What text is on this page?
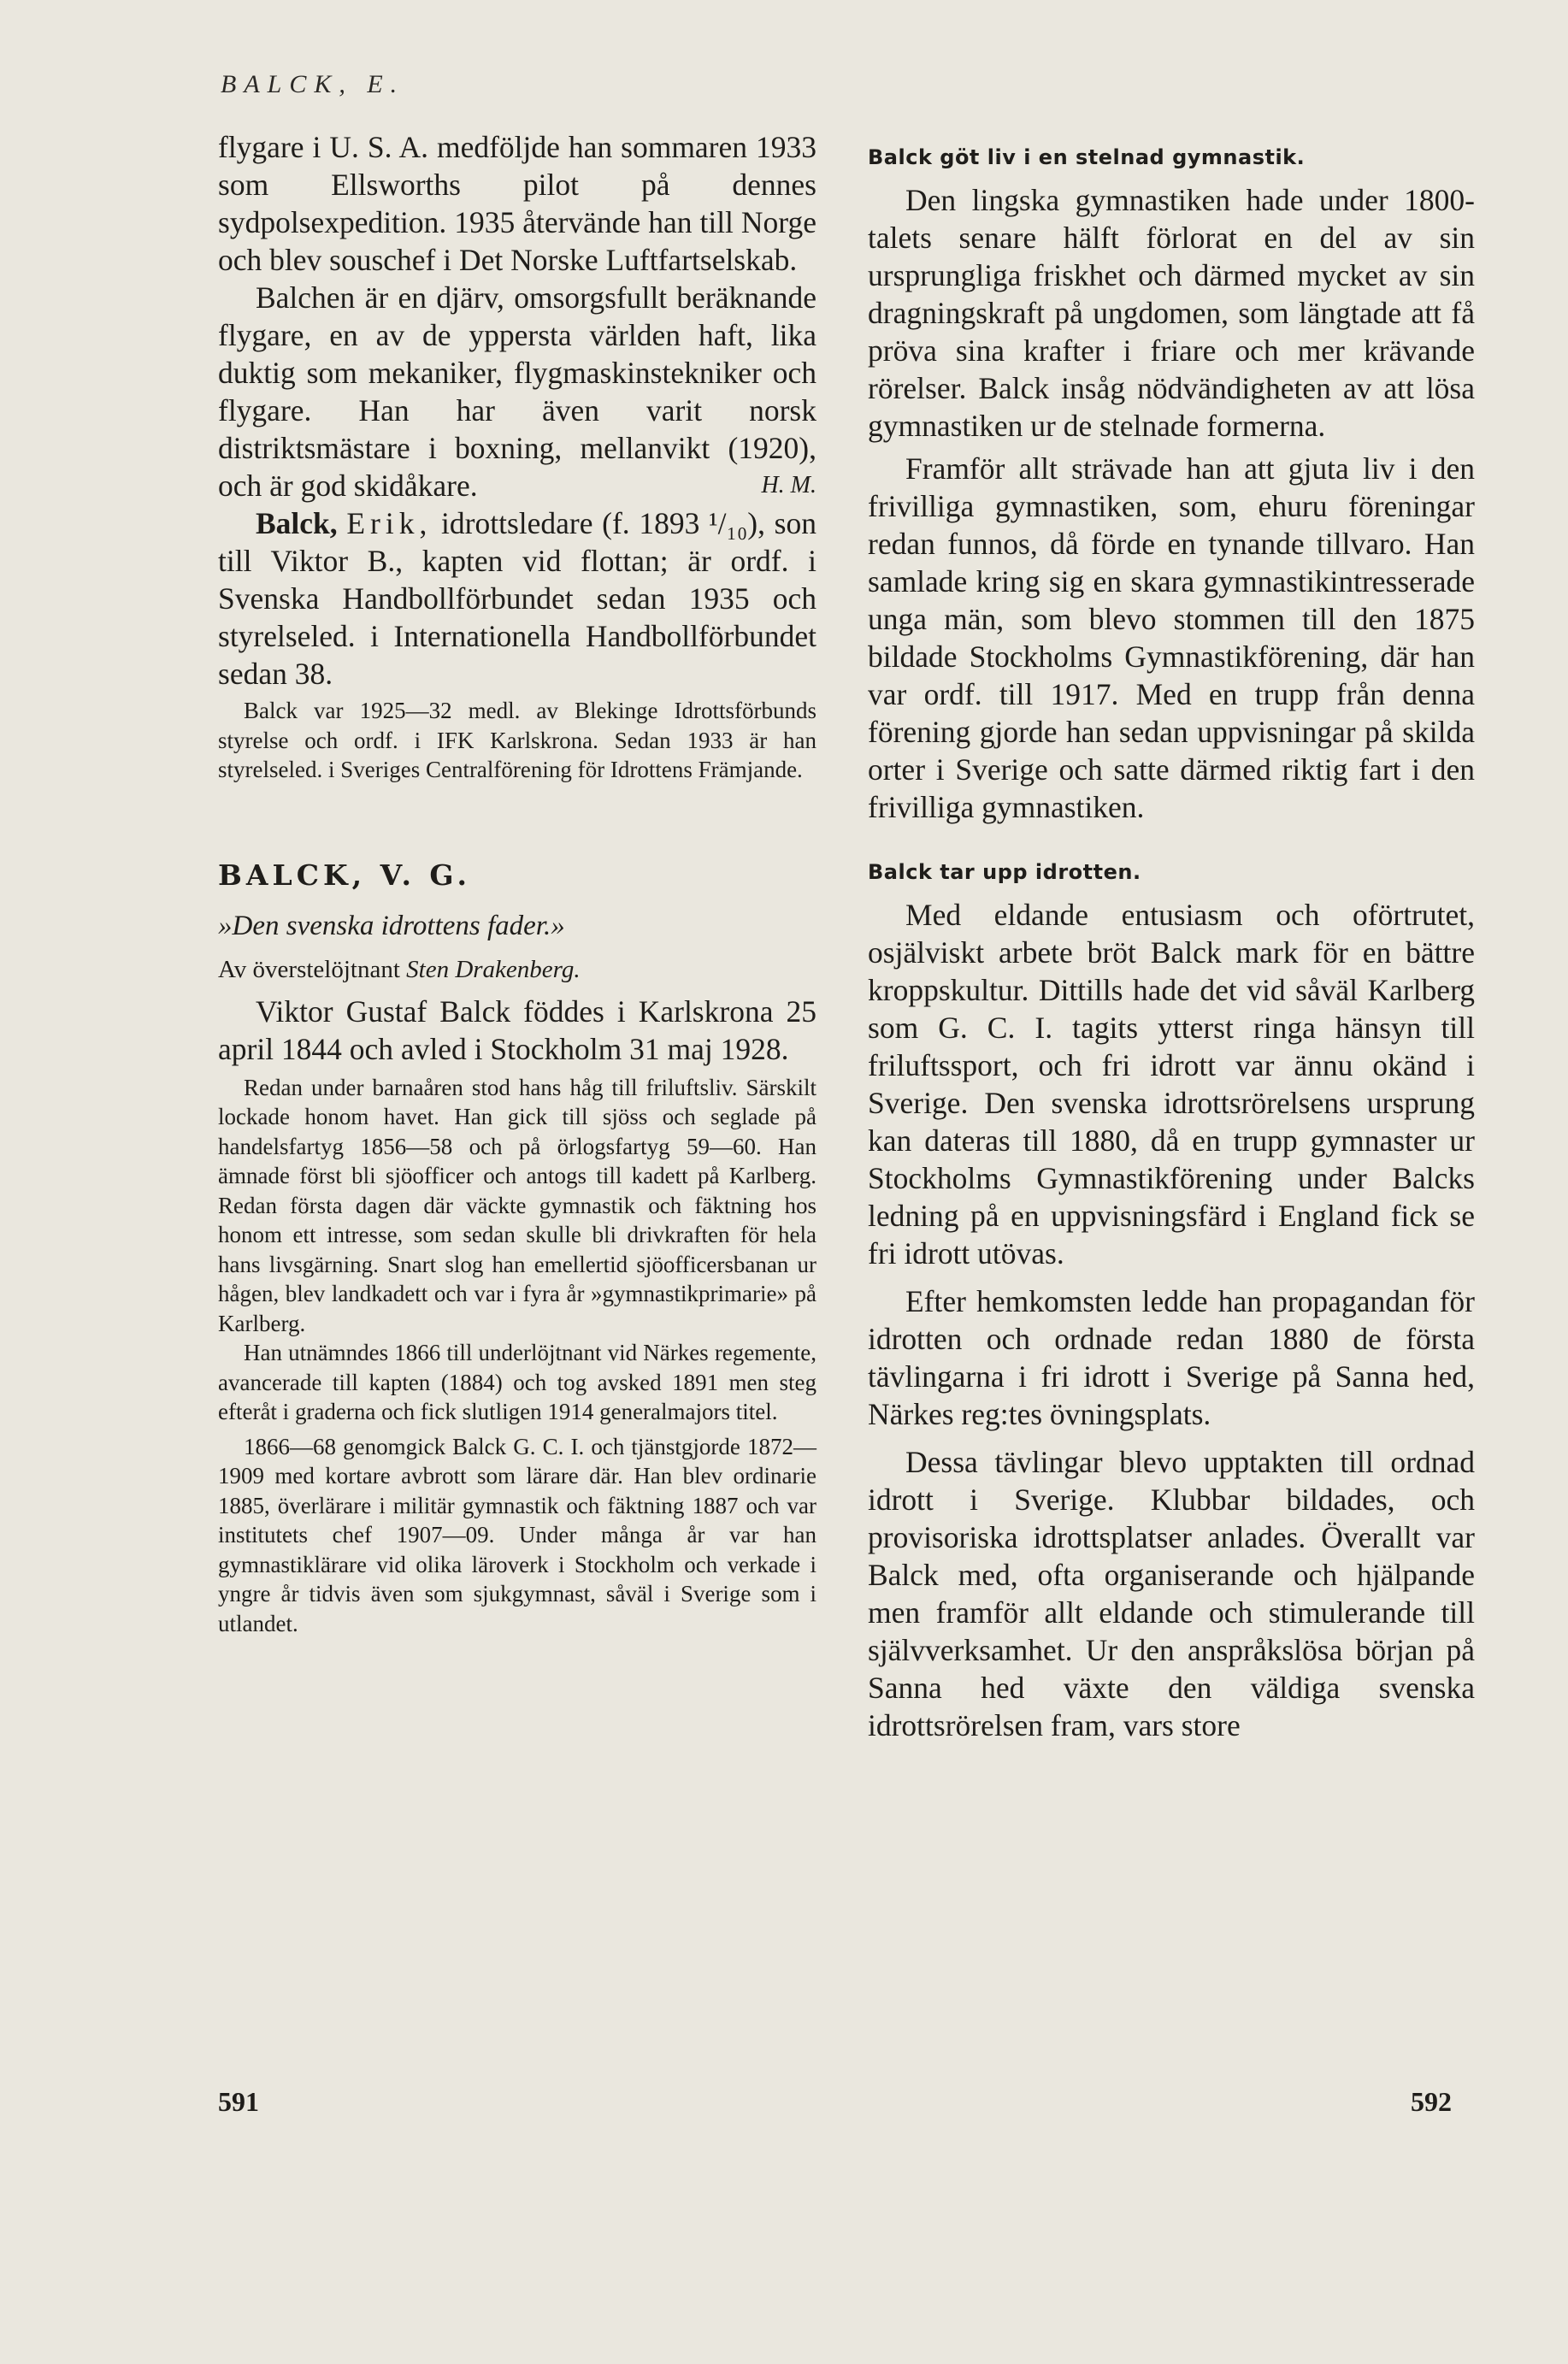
BALCK, E.

flygare i U. S. A. medföljde han sommaren 1933 som Ellsworths pilot på dennes sydpolsexpedition. 1935 återvände han till Norge och blev souschef i Det Norske Luftfartselskab.

Balchen är en djärv, omsorgsfullt beräknande flygare, en av de yppersta världen haft, lika duktig som mekaniker, flygmaskinstekniker och flygare. Han har även varit norsk distriktsmästare i boxning, mellanvikt (1920), och är god skidåkare.	H. M.

Balck, Erik, idrottsledare (f. 1893 ¹/₁₀), son till Viktor B., kapten vid flottan; är ordf. i Svenska Handbollförbundet sedan 1935 och styrelseled. i Internationella Handbollförbundet sedan 38.

Balck var 1925—32 medl. av Blekinge Idrottsförbunds styrelse och ordf. i IFK Karlskrona. Sedan 1933 är han styrelseled. i Sveriges Centralförening för Idrottens Främjande.

BALCK, V. G.

»Den svenska idrottens fader.»

Av överstelöjtnant Sten Drakenberg.

Viktor Gustaf Balck föddes i Karlskrona 25 april 1844 och avled i Stockholm 31 maj 1928.

Redan under barnaåren stod hans håg till friluftsliv. Särskilt lockade honom havet. Han gick till sjöss och seglade på handelsfartyg 1856—58 och på örlogsfartyg 59—60. Han ämnade först bli sjöofficer och antogs till kadett på Karlberg. Redan första dagen där väckte gymnastik och fäktning hos honom ett intresse, som sedan skulle bli drivkraften för hela hans livsgärning. Snart slog han emellertid sjöofficersbanan ur hågen, blev landkadett och var i fyra år »gymnastikprimarie» på Karlberg.

Han utnämndes 1866 till underlöjtnant vid Närkes regemente, avancerade till kapten (1884) och tog avsked 1891 men steg efteråt i graderna och fick slutligen 1914 generalmajors titel.

1866—68 genomgick Balck G. C. I. och tjänstgjorde 1872—1909 med kortare avbrott som lärare där. Han blev ordinarie 1885, överlärare i militär gymnastik och fäktning 1887 och var institutets chef 1907—09. Under många år var han gymnastiklärare vid olika läroverk i Stockholm och verkade i yngre år tidvis även som sjukgymnast, såväl i Sverige som i utlandet.

591

Balck göt liv i en stelnad gymnastik.

Den lingska gymnastiken hade under 1800-talets senare hälft förlorat en del av sin ursprungliga friskhet och därmed mycket av sin dragningskraft på ungdomen, som längtade att få pröva sina krafter i friare och mer krävande rörelser. Balck insåg nödvändigheten av att lösa gymnastiken ur de stelnade formerna.

Framför allt strävade han att gjuta liv i den frivilliga gymnastiken, som, ehuru föreningar redan funnos, då förde en tynande tillvaro. Han samlade kring sig en skara gymnastikintresserade unga män, som blevo stommen till den 1875 bildade Stockholms Gymnastikförening, där han var ordf. till 1917. Med en trupp från denna förening gjorde han sedan uppvisningar på skilda orter i Sverige och satte därmed riktig fart i den frivilliga gymnastiken.

Balck tar upp idrotten.

Med eldande entusiasm och oförtrutet, osjälviskt arbete bröt Balck mark för en bättre kroppskultur. Dittills hade det vid såväl Karlberg som G. C. I. tagits ytterst ringa hänsyn till friluftssport, och fri idrott var ännu okänd i Sverige. Den svenska idrottsrörelsens ursprung kan dateras till 1880, då en trupp gymnaster ur Stockholms Gymnastikförening under Balcks ledning på en uppvisningsfärd i England fick se fri idrott utövas.

Efter hemkomsten ledde han propagandan för idrotten och ordnade redan 1880 de första tävlingarna i fri idrott i Sverige på Sanna hed, Närkes reg:tes övningsplats.

Dessa tävlingar blevo upptakten till ordnad idrott i Sverige. Klubbar bildades, och provisoriska idrottsplatser anlades. Överallt var Balck med, ofta organiserande och hjälpande men framför allt eldande och stimulerande till självverksamhet. Ur den anspråkslösa början på Sanna hed växte den väldiga svenska idrottsrörelsen fram, vars store

592
